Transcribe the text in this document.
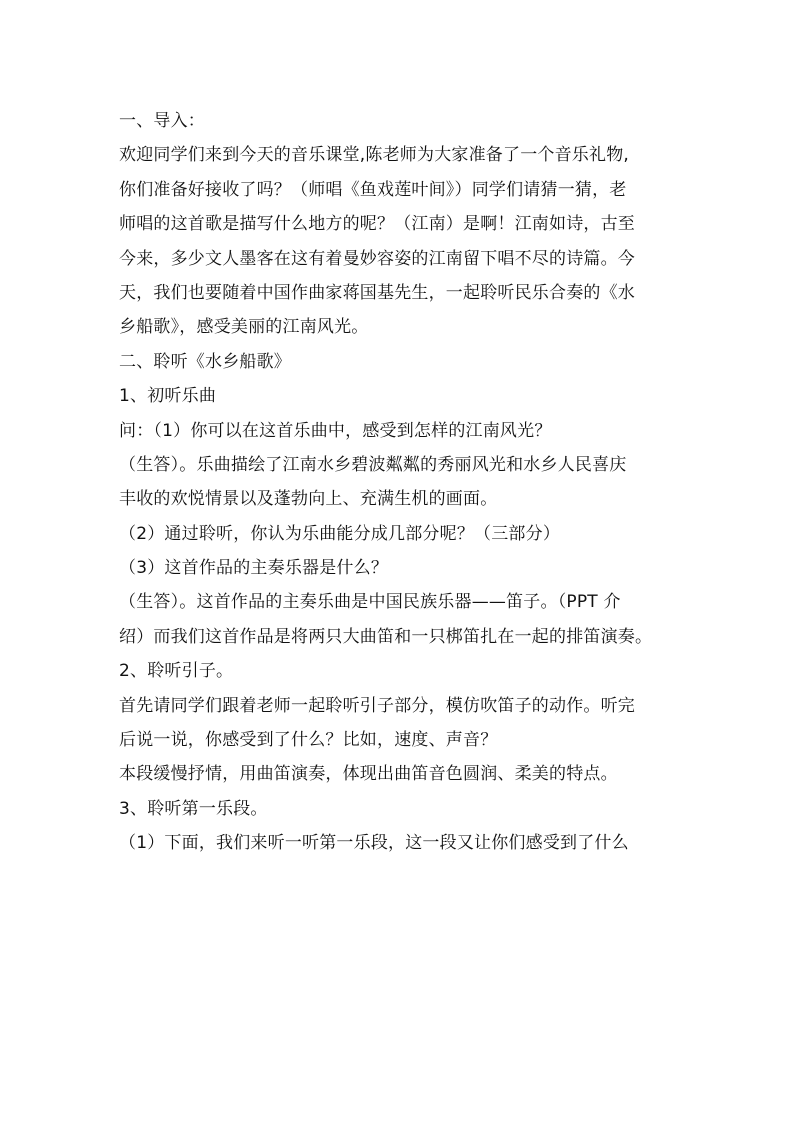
一、导入：
欢迎同学们来到今天的音乐课堂,陈老师为大家准备了一个音乐礼物,
你们准备好接收了吗？（师唱《鱼戏莲叶间》）同学们请猜一猜，老
师唱的这首歌是描写什么地方的呢？（江南）是啊！江南如诗，古至
今来，多少文人墨客在这有着曼妙容姿的江南留下唱不尽的诗篇。今
天，我们也要随着中国作曲家蒋国基先生，一起聆听民乐合奏的《水
乡船歌》，感受美丽的江南风光。
二、聆听《水乡船歌》
1、初听乐曲
问：（1）你可以在这首乐曲中，感受到怎样的江南风光？
（生答）。乐曲描绘了江南水乡碧波粼粼的秀丽风光和水乡人民喜庆
丰收的欢悦情景以及蓬勃向上、充满生机的画面。
（2）通过聆听，你认为乐曲能分成几部分呢？（三部分）
（3）这首作品的主奏乐器是什么？
（生答）。这首作品的主奏乐曲是中国民族乐器——笛子。（PPT 介
绍）而我们这首作品是将两只大曲笛和一只梆笛扎在一起的排笛演奏。
2、聆听引子。
首先请同学们跟着老师一起聆听引子部分，模仿吹笛子的动作。听完
后说一说，你感受到了什么？比如，速度、声音？
本段缓慢抒情，用曲笛演奏，体现出曲笛音色圆润、柔美的特点。
3、聆听第一乐段。
（1）下面，我们来听一听第一乐段，这一段又让你们感受到了什么
